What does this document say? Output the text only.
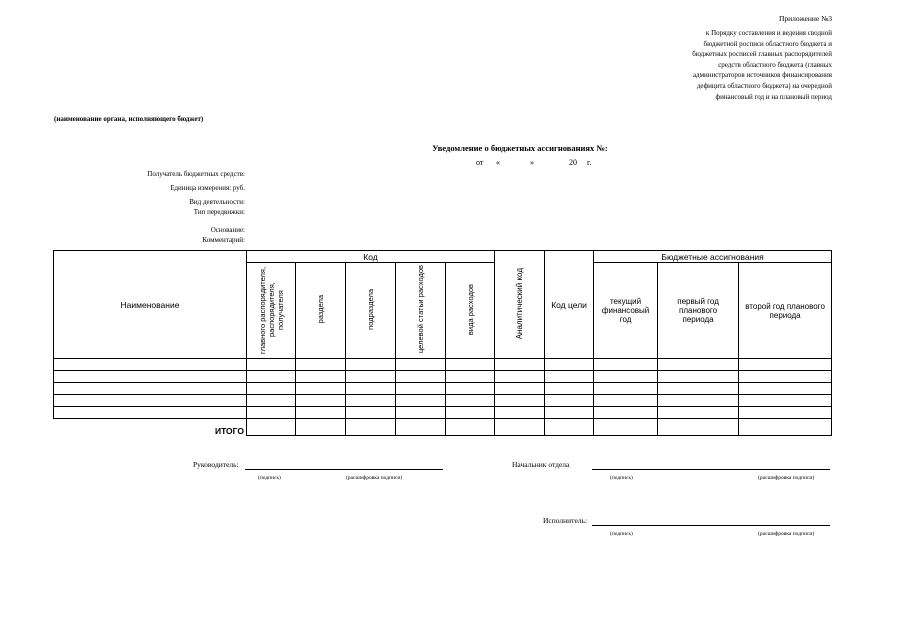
Приложение №3
к Порядку составления и ведения сводной
бюджетной росписи областного бюджета и
бюджетных росписей главных распорядителей
средств областного бюджета (главных
администраторов источников финансирования
дефицита областного бюджета) на очередной
финансовый год и на плановый период
(наименование органа, исполняющего бюджет)
Уведомление о бюджетных ассигнованиях №:
от «	»	20 г.
Получатель бюджетных средств:
Единица измерения: руб.
Вид деятельности:
Тип передвижки:
Основание:
Комментарий:
Наименование	Код					Аналитический код	Код цели	Бюджетные ассигнования		
	главного распорядителя, распорядителя, получателя	раздела	подраздела	целевой статьи расходов	вида расходов			текущий финансовый год	первый год планового периода	второй год планового периода

ИТОГО										
Руководитель:
(подпись)	(расшифровка подписи)
Начальник отдела
(подпись)	(расшифровка подписи)
Исполнитель:
(подпись)	(расшифровка подписи)
